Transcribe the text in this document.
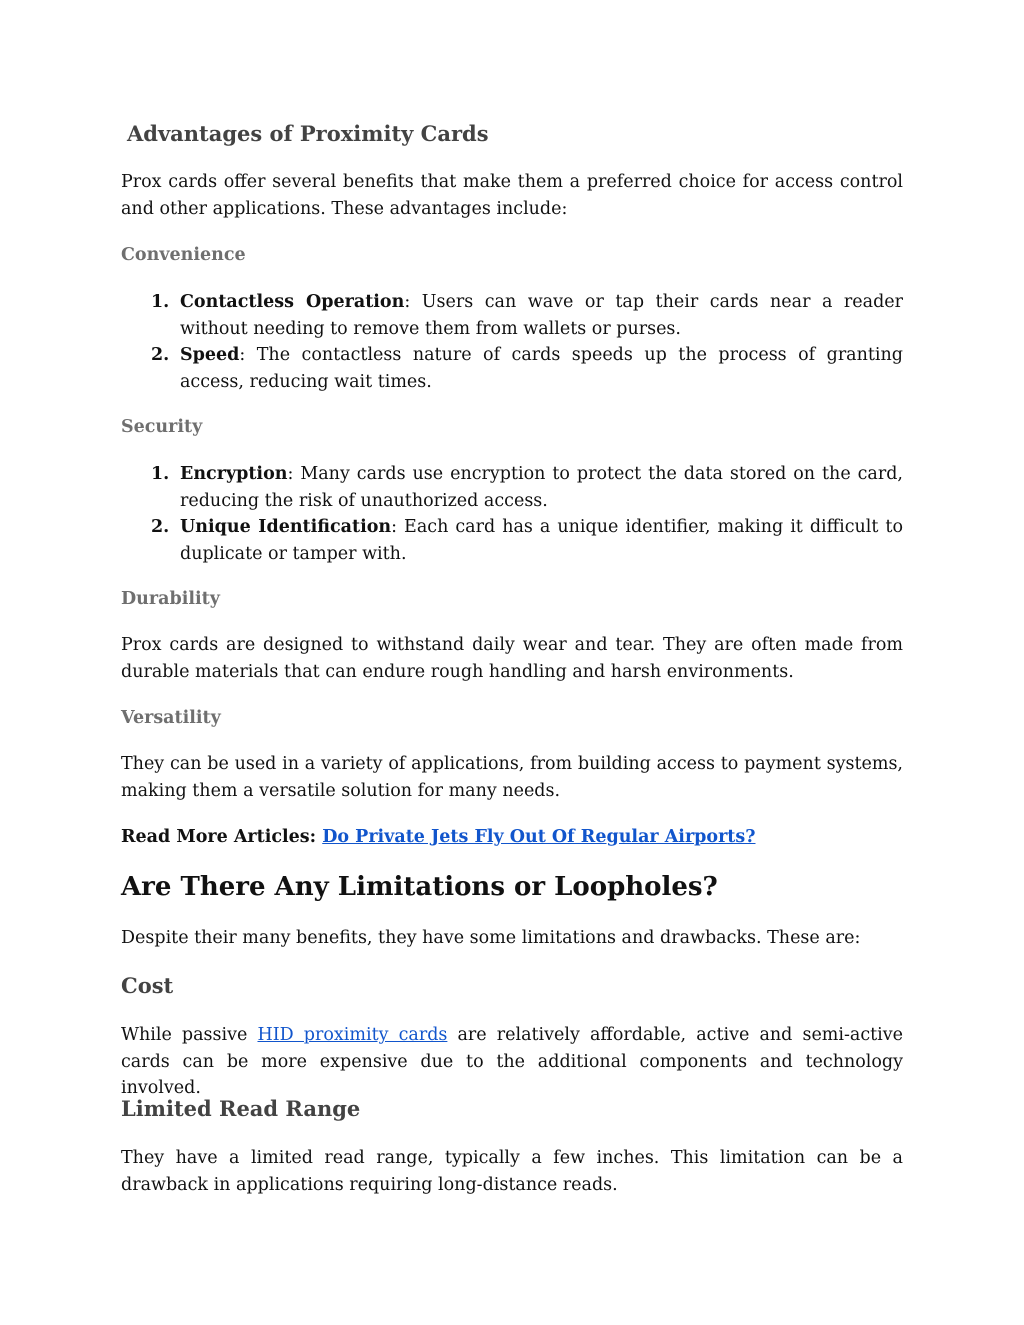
Advantages of Proximity Cards

Prox cards offer several benefits that make them a preferred choice for access control and other applications. These advantages include:

Convenience
1. Contactless Operation: Users can wave or tap their cards near a reader without needing to remove them from wallets or purses.
2. Speed: The contactless nature of cards speeds up the process of granting access, reducing wait times.
Security
1. Encryption: Many cards use encryption to protect the data stored on the card, reducing the risk of unauthorized access.
2. Unique Identification: Each card has a unique identifier, making it difficult to duplicate or tamper with.
Durability

Prox cards are designed to withstand daily wear and tear. They are often made from durable materials that can endure rough handling and harsh environments.

Versatility

They can be used in a variety of applications, from building access to payment systems, making them a versatile solution for many needs.

Read More Articles: Do Private Jets Fly Out Of Regular Airports?

Are There Any Limitations or Loopholes?

Despite their many benefits, they have some limitations and drawbacks. These are:

Cost

While passive HID proximity cards are relatively affordable, active and semi-active cards can be more expensive due to the additional components and technology involved.

Limited Read Range

They have a limited read range, typically a few inches. This limitation can be a drawback in applications requiring long-distance reads.
